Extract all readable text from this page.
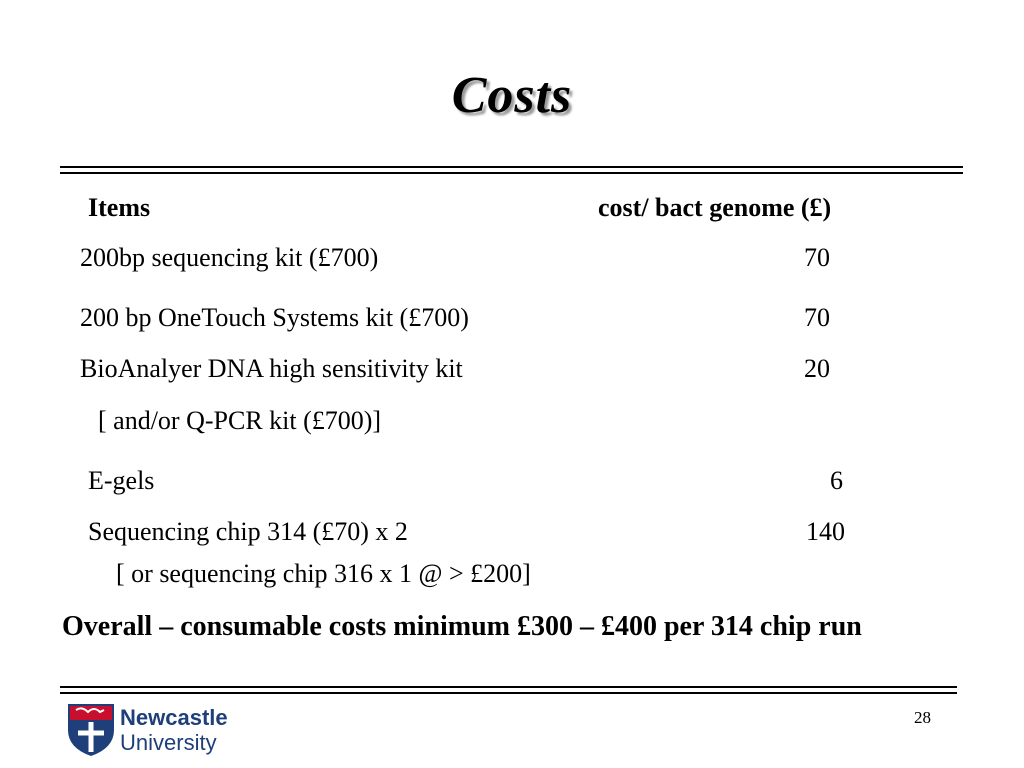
Costs
Items	cost/ bact genome (£)
200bp sequencing kit (£700)	70
200 bp OneTouch Systems kit (£700)	70
BioAnalyer DNA high sensitivity kit	20
[ and/or Q-PCR kit (£700)]
E-gels	6
Sequencing chip 314 (£70) x 2	140
[ or sequencing chip 316 x 1 @ > £200]
Overall – consumable costs minimum £300 – £400 per 314 chip run
Newcastle
University
28
